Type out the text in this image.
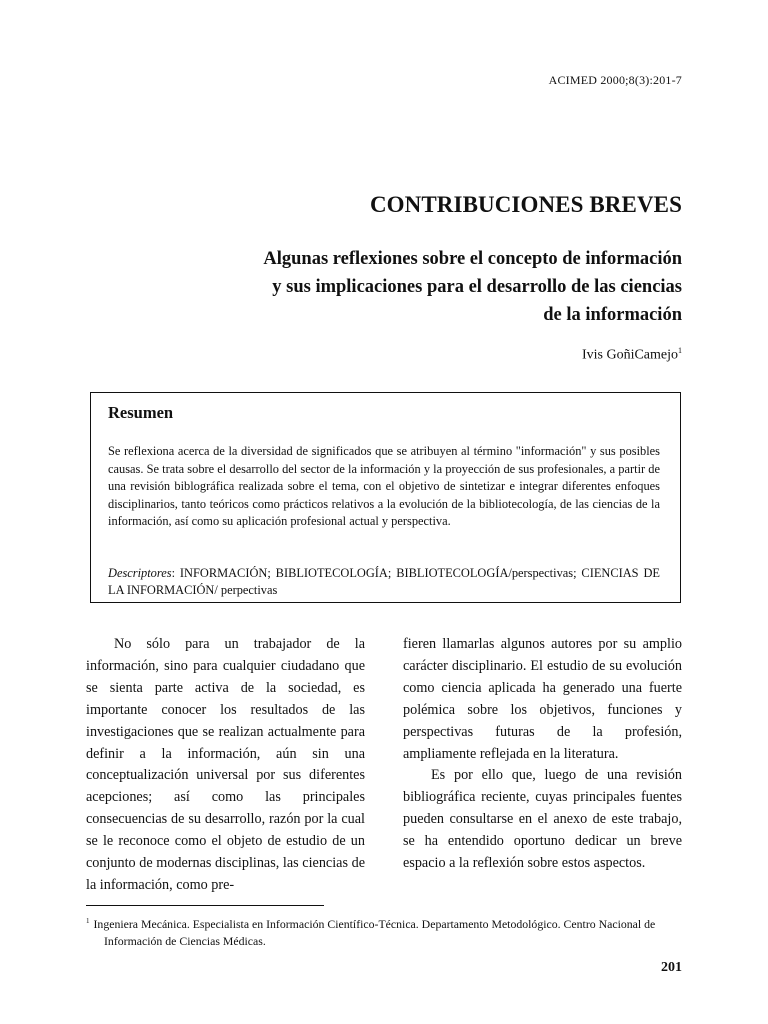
ACIMED 2000;8(3):201-7
CONTRIBUCIONES BREVES
Algunas reflexiones sobre el concepto de información
y sus implicaciones para el desarrollo de las ciencias
de la información
Ivis GoñiCamejo$^1$
Resumen
Se reflexiona acerca de la diversidad de significados que se atribuyen al término "información" y sus posibles causas. Se trata sobre el desarrollo del sector de la información y la proyección de sus profesionales, a partir de una revisión biblográfica realizada sobre el tema, con el objetivo de sintetizar e integrar diferentes enfoques disciplinarios, tanto teóricos como prácticos relativos a la evolución de la bibliotecología, de las ciencias de la información, así como su aplicación profesional actual y perspectiva.
Descriptores: INFORMACIÓN; BIBLIOTECOLOGÍA; BIBLIOTECOLOGÍA/perspectivas; CIENCIAS DE LA INFORMACIÓN/ perpectivas

No sólo para un trabajador de la información, sino para cualquier ciudadano que se sienta parte activa de la sociedad, es importante conocer los resultados de las investigaciones que se realizan actualmente para definir a la información, aún sin una conceptualización universal por sus diferentes acepciones; así como las principales consecuencias de su desarrollo, razón por la cual se le reconoce como el objeto de estudio de un conjunto de modernas disciplinas, las ciencias de la información, como pre-

fieren llamarlas algunos autores por su amplio carácter disciplinario. El estudio de su evolución como ciencia aplicada ha generado una fuerte polémica sobre los objetivos, funciones y perspectivas futuras de la profesión, ampliamente reflejada en la literatura.

Es por ello que, luego de una revisión bibliográfica reciente, cuyas principales fuentes pueden consultarse en el anexo de este trabajo, se ha entendido oportuno dedicar un breve espacio a la reflexión sobre estos aspectos.

$^1$ Ingeniera Mecánica. Especialista en Información Científico-Técnica. Departamento Metodológico. Centro Nacional de Información de Ciencias Médicas.
201
